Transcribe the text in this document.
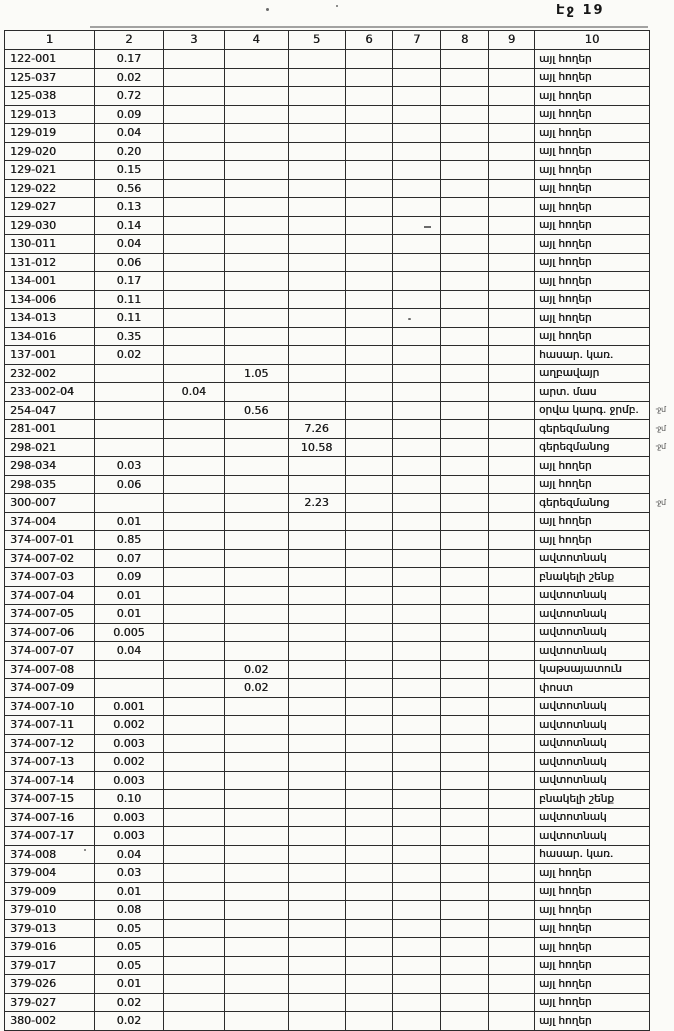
Էջ 19
1	2	3	4	5	6	7	8	9	10	
122-001	0.17								այլ հողեր	
125-037	0.02								այլ հողեր	
125-038	0.72								այլ հողեր	
129-013	0.09								այլ հողեր	
129-019	0.04								այլ հողեր	
129-020	0.20								այլ հողեր	
129-021	0.15								այլ հողեր	
129-022	0.56								այլ հողեր	
129-027	0.13								այլ հողեր	
129-030	0.14								այլ հողեր	
130-011	0.04								այլ հողեր	
131-012	0.06								այլ հողեր	
134-001	0.17								այլ հողեր	
134-006	0.11								այլ հողեր	
134-013	0.11								այլ հողեր	
134-016	0.35								այլ հողեր	
137-001	0.02								հասար. կառ.	
232-002			1.05						աղբավայր	
233-002-04		0.04							արտ. մաս	
254-047			0.56						օրվա կարգ. ջրմբ.	·ջմ
281-001				7.26					գերեզմանոց	·ջմ
298-021				10.58					գերեզմանոց	·ջմ
298-034	0.03								այլ հողեր	
298-035	0.06								այլ հողեր	
300-007				2.23					գերեզմանոց	·ջմ
374-004	0.01								այլ հողեր	
374-007-01	0.85								այլ հողեր	
374-007-02	0.07								ավտոտնակ	
374-007-03	0.09								բնակելի շենք	
374-007-04	0.01								ավտոտնակ	
374-007-05	0.01								ավտոտնակ	
374-007-06	0.005								ավտոտնակ	
374-007-07	0.04								ավտոտնակ	
374-007-08			0.02						կաթսայատուն	
374-007-09			0.02						փոստ	
374-007-10	0.001								ավտոտնակ	
374-007-11	0.002								ավտոտնակ	
374-007-12	0.003								ավտոտնակ	
374-007-13	0.002								ավտոտնակ	
374-007-14	0.003								ավտոտնակ	
374-007-15	0.10								բնակելի շենք	
374-007-16	0.003								ավտոտնակ	
374-007-17	0.003								ավտոտնակ	
374-008	0.04								հասար. կառ.	
379-004	0.03								այլ հողեր	
379-009	0.01								այլ հողեր	
379-010	0.08								այլ հողեր	
379-013	0.05								այլ հողեր	
379-016	0.05								այլ հողեր	
379-017	0.05								այլ հողեր	
379-026	0.01								այլ հողեր	
379-027	0.02								այլ հողեր	
380-002	0.02								այլ հողեր	
